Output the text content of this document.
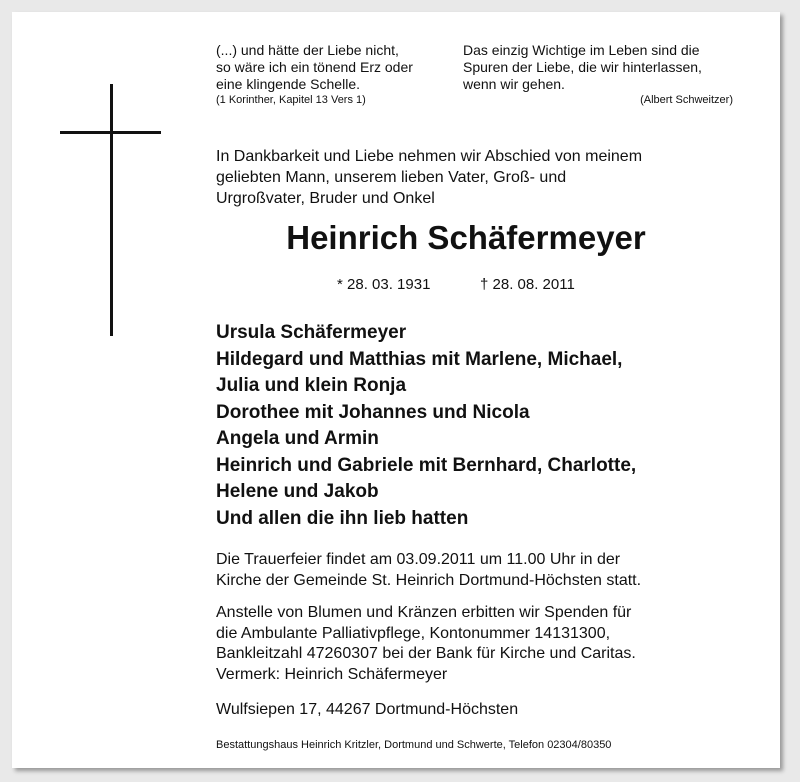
(...) und hätte der Liebe nicht,

so wäre ich ein tönend Erz oder

eine klingende Schelle.

(1 Korinther, Kapitel 13 Vers 1)

Das einzig Wichtige im Leben sind die

Spuren der Liebe, die wir hinterlassen,

wenn wir gehen.

(Albert Schweitzer)

In Dankbarkeit und Liebe nehmen wir Abschied von meinem
geliebten Mann, unserem lieben Vater, Groß- und
Urgroßvater, Bruder und Onkel
Heinrich Schäfermeyer

* 28. 03. 1931	† 28. 08. 2011

Ursula Schäfermeyer
Hildegard und Matthias mit Marlene, Michael,
Julia und klein Ronja
Dorothee mit Johannes und Nicola
Angela und Armin
Heinrich und Gabriele mit Bernhard, Charlotte,
Helene und Jakob
Und allen die ihn lieb hatten
Die Trauerfeier findet am 03.09.2011 um 11.00 Uhr in der
Kirche der Gemeinde St. Heinrich Dortmund-Höchsten statt.
Anstelle von Blumen und Kränzen erbitten wir Spenden für
die Ambulante Palliativpflege, Kontonummer 14131300,
Bankleitzahl 47260307 bei der Bank für Kirche und Caritas.
Vermerk: Heinrich Schäfermeyer

Wulfsiepen 17, 44267 Dortmund-Höchsten

Bestattungshaus Heinrich Kritzler, Dortmund und Schwerte, Telefon 02304/80350
